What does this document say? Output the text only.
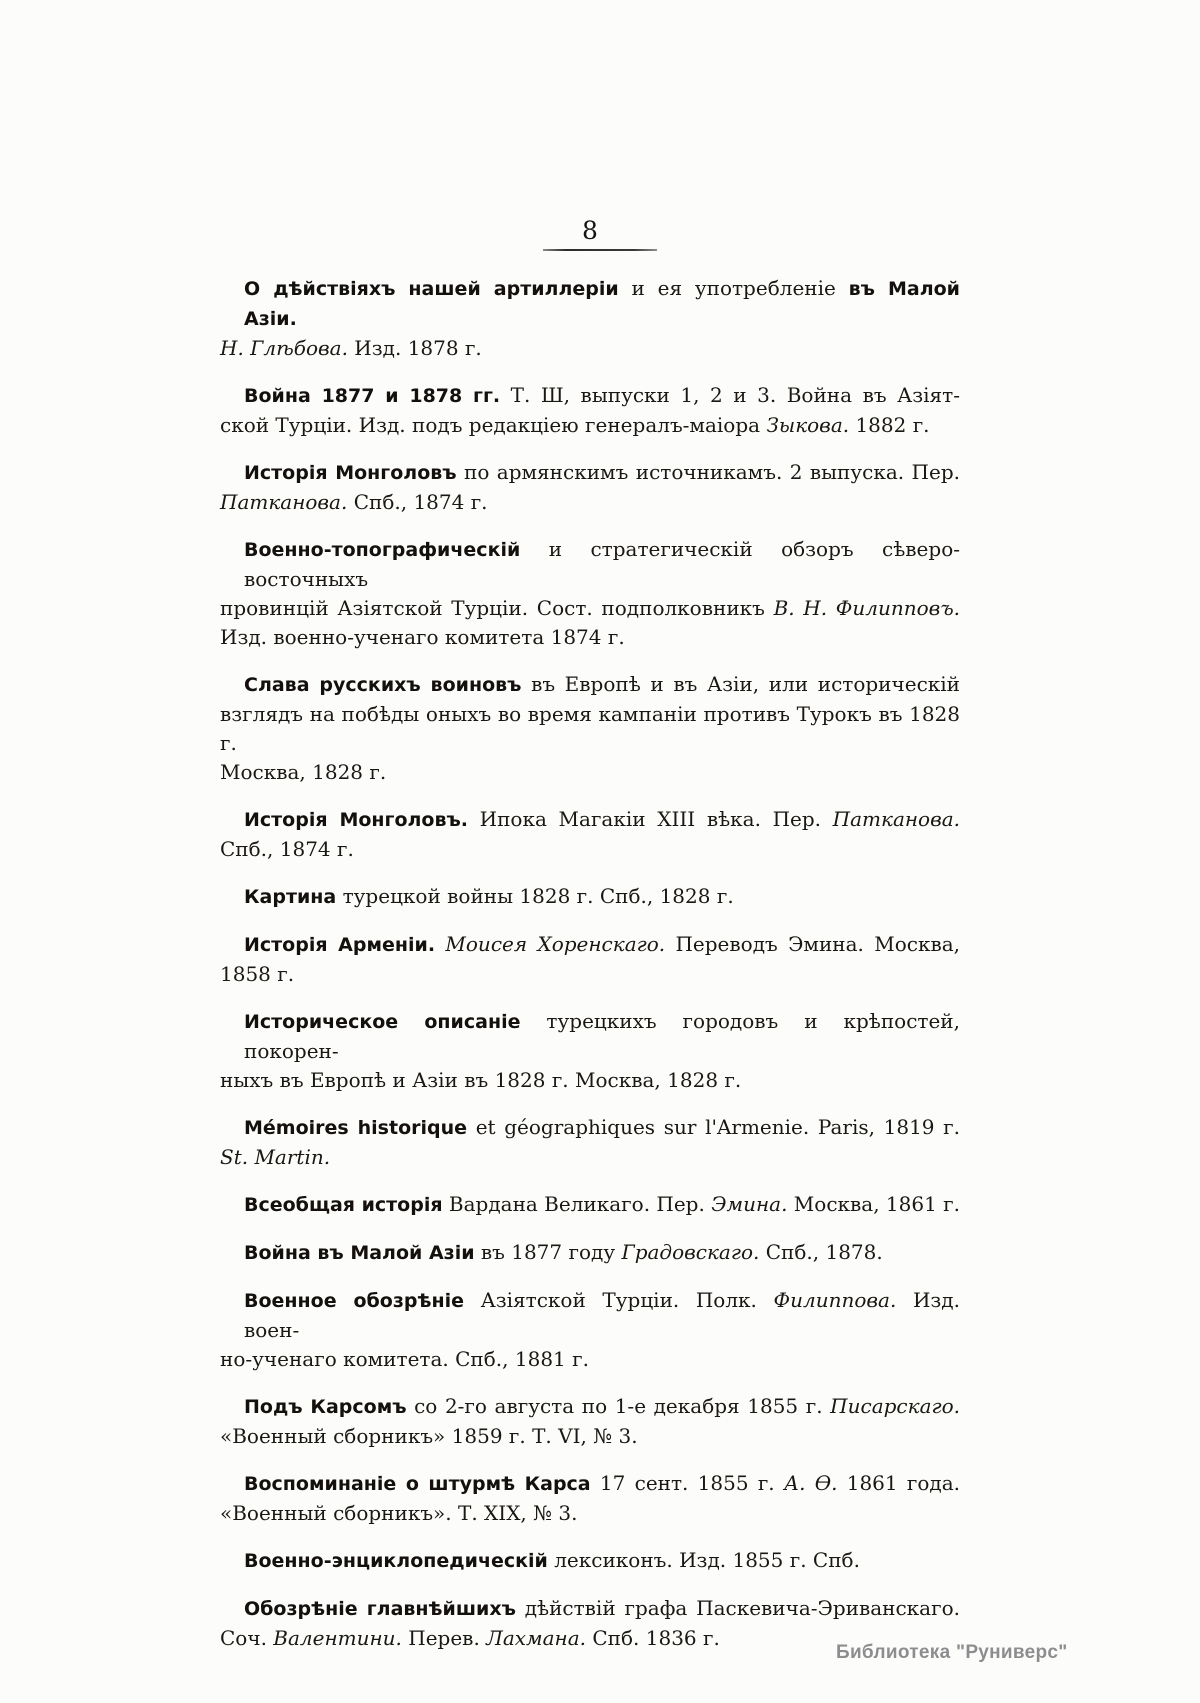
8

О дѣйствіяхъ нашей артиллеріи и ея употребленіе въ Малой Азіи.
Н. Глѣбова. Изд. 1878 г.

Война 1877 и 1878 гг. Т. Ш, выпуски 1, 2 и 3. Война въ Азіят-
ской Турціи. Изд. подъ редакціею генералъ-маіора Зыкова. 1882 г.

Исторія Монголовъ по армянскимъ источникамъ. 2 выпуска. Пер.
Патканова. Спб., 1874 г.

Военно-топографическій и стратегическій обзоръ сѣверо-восточныхъ
провинцій Азіятской Турціи. Сост. подполковникъ В. Н. Филипповъ.
Изд. военно-ученаго комитета 1874 г.

Слава русскихъ воиновъ въ Европѣ и въ Азіи, или историческій
взглядъ на побѣды оныхъ во время кампаніи противъ Турокъ въ 1828 г.
Москва, 1828 г.

Исторія Монголовъ. Ипока Магакіи XIII вѣка. Пер. Патканова.
Спб., 1874 г.

Картина турецкой войны 1828 г. Спб., 1828 г.

Исторія Арменіи. Моисея Хоренскаго. Переводъ Эмина. Москва,
1858 г.

Историческое описаніе турецкихъ городовъ и крѣпостей, покорен-
ныхъ въ Европѣ и Азіи въ 1828 г. Москва, 1828 г.

Mémoires historique et géographiques sur l'Armenie. Paris, 1819 г.
St. Martin.

Всеобщая исторія Вардана Великаго. Пер. Эмина. Москва, 1861 г.

Война въ Малой Азіи въ 1877 году Градовскаго. Спб., 1878.

Военное обозрѣніе Азіятской Турціи. Полк. Филиппова. Изд. воен-
но-ученаго комитета. Спб., 1881 г.

Подъ Карсомъ со 2-го августа по 1-е декабря 1855 г. Писарскаго.
«Военный сборникъ» 1859 г. Т. VI, № 3.

Воспоминаніе о штурмѣ Карса 17 сент. 1855 г. А. Ѳ. 1861 года.
«Военный сборникъ». Т. XIX, № 3.

Военно-энциклопедическій лексиконъ. Изд. 1855 г. Спб.

Обозрѣніе главнѣйшихъ дѣйствій графа Паскевича-Эриванскаго.
Соч. Валентини. Перев. Лахмана. Спб. 1836 г.

Библиотека "Руниверс"
